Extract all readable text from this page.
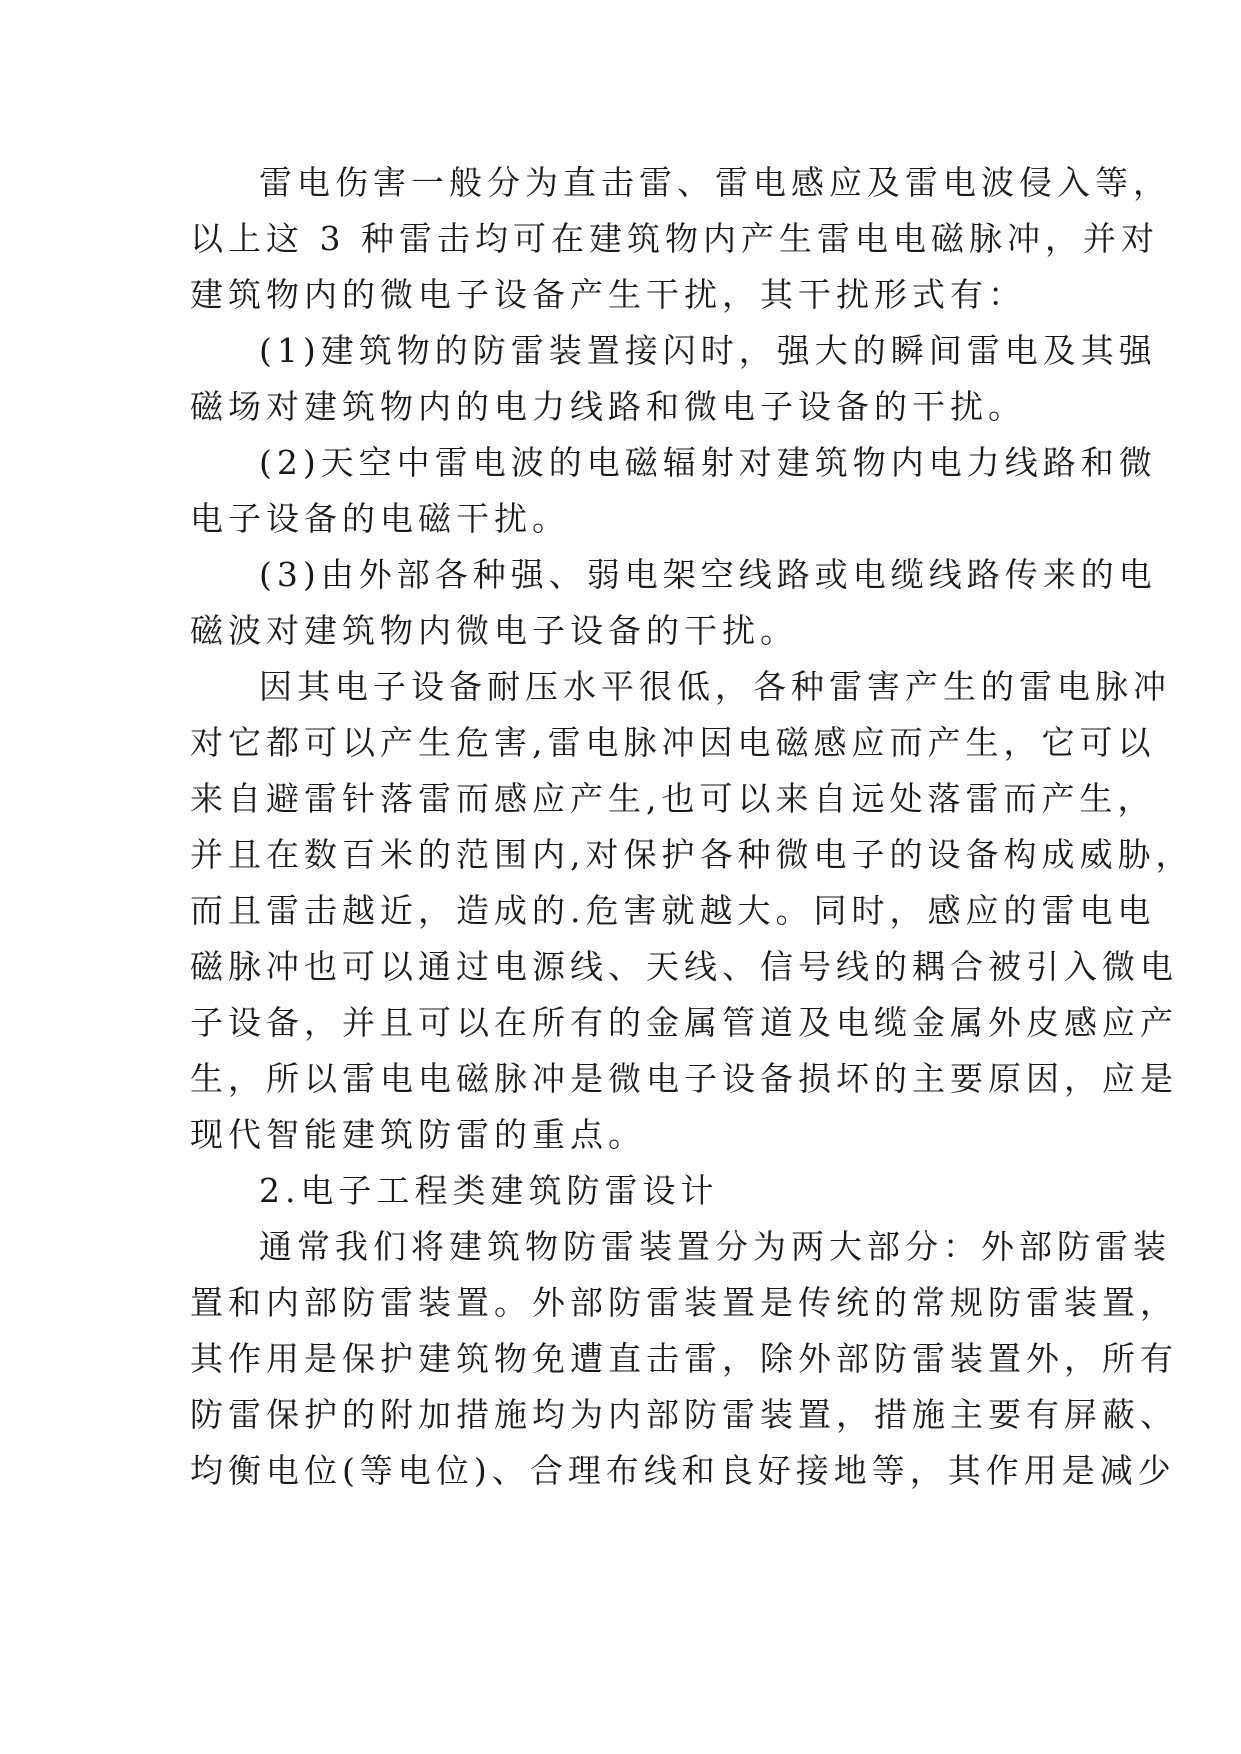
雷电伤害一般分为直击雷、雷电感应及雷电波侵入等，
以上这 3 种雷击均可在建筑物内产生雷电电磁脉冲，并对
建筑物内的微电子设备产生干扰，其干扰形式有：
(1)建筑物的防雷装置接闪时，强大的瞬间雷电及其强
磁场对建筑物内的电力线路和微电子设备的干扰。
(2)天空中雷电波的电磁辐射对建筑物内电力线路和微
电子设备的电磁干扰。
(3)由外部各种强、弱电架空线路或电缆线路传来的电
磁波对建筑物内微电子设备的干扰。
因其电子设备耐压水平很低，各种雷害产生的雷电脉冲
对它都可以产生危害,雷电脉冲因电磁感应而产生，它可以
来自避雷针落雷而感应产生,也可以来自远处落雷而产生，
并且在数百米的范围内,对保护各种微电子的设备构成威胁，
而且雷击越近，造成的.危害就越大。同时，感应的雷电电
磁脉冲也可以通过电源线、天线、信号线的耦合被引入微电
子设备，并且可以在所有的金属管道及电缆金属外皮感应产
生，所以雷电电磁脉冲是微电子设备损坏的主要原因，应是
现代智能建筑防雷的重点。
2.电子工程类建筑防雷设计
通常我们将建筑物防雷装置分为两大部分：外部防雷装
置和内部防雷装置。外部防雷装置是传统的常规防雷装置，
其作用是保护建筑物免遭直击雷，除外部防雷装置外，所有
防雷保护的附加措施均为内部防雷装置，措施主要有屏蔽、
均衡电位(等电位)、合理布线和良好接地等，其作用是减少
